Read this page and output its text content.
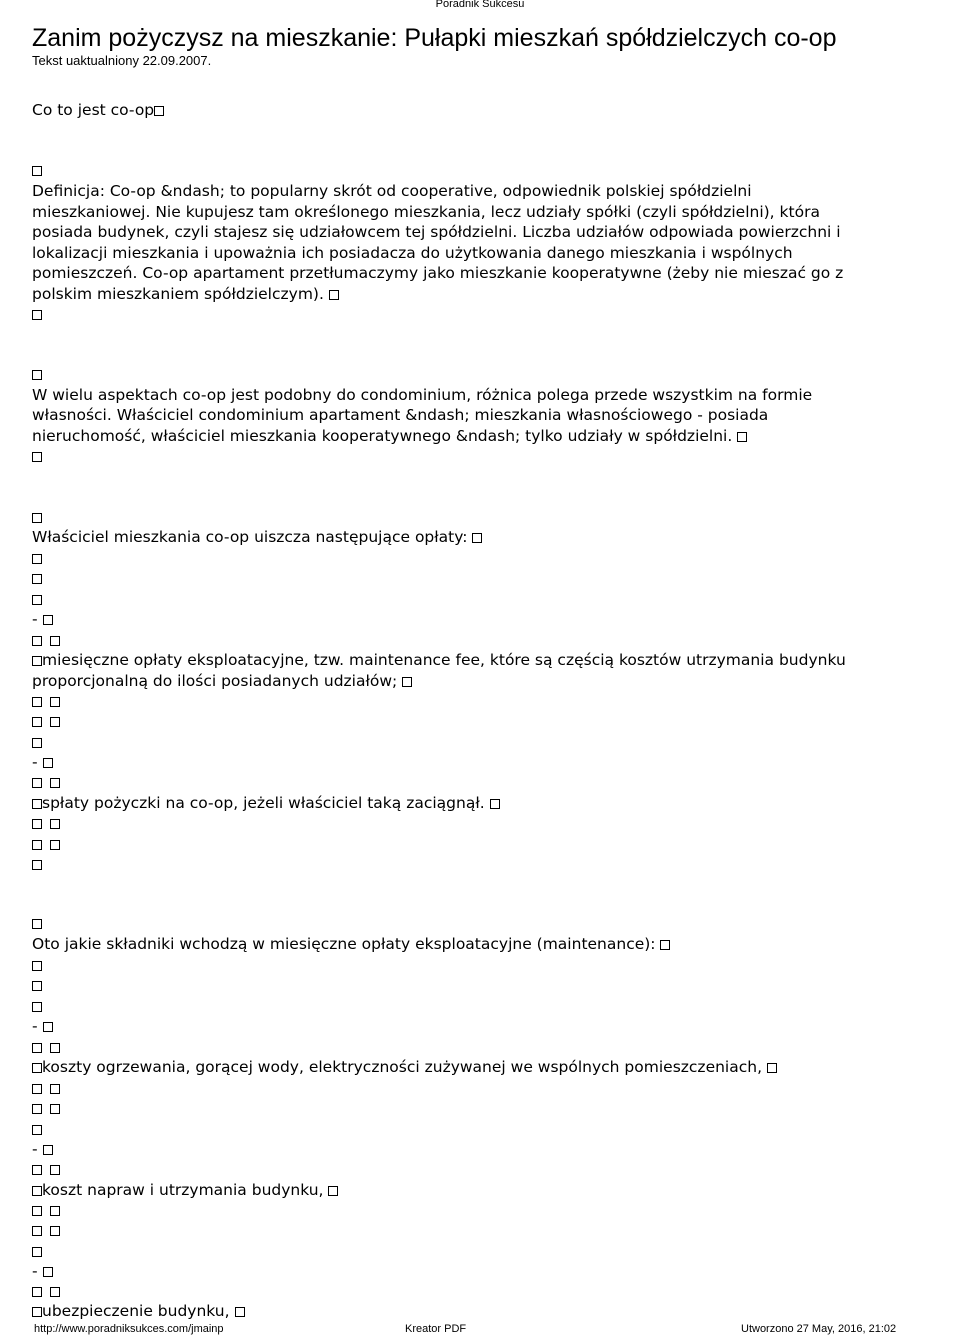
Poradnik Sukcesu
Zanim pożyczysz na mieszkanie: Pułapki mieszkań spółdzielczych co-op
Tekst uaktualniony 22.09.2007.
Co to jest co-op
Definicja: Co-op &ndash; to popularny skrót od cooperative, odpowiednik polskiej spółdzielni
mieszkaniowej. Nie kupujesz tam określonego mieszkania, lecz udziały spółki (czyli spółdzielni), która
posiada budynek, czyli stajesz się udziałowcem tej spółdzielni. Liczba udziałów odpowiada powierzchni i
lokalizacji mieszkania i upoważnia ich posiadacza do użytkowania danego mieszkania i wspólnych
pomieszczeń. Co-op apartament przetłumaczymy jako mieszkanie kooperatywne (żeby nie mieszać go z
polskim mieszkaniem spółdzielczym).
W wielu aspektach co-op jest podobny do condominium, różnica polega przede wszystkim na formie
własności. Właściciel condominium apartament &ndash; mieszkania własnościowego - posiada
nieruchomość, właściciel mieszkania kooperatywnego &ndash; tylko udziały w spółdzielni.
Właściciel mieszkania co-op uiszcza następujące opłaty:
-
miesięczne opłaty eksploatacyjne, tzw. maintenance fee, które są częścią kosztów utrzymania budynku
proporcjonalną do ilości posiadanych udziałów;
-
spłaty pożyczki na co-op, jeżeli właściciel taką zaciągnął.
Oto jakie składniki wchodzą w miesięczne opłaty eksploatacyjne (maintenance):
-
koszty ogrzewania, gorącej wody, elektryczności zużywanej we wspólnych pomieszczeniach,
-
koszt napraw i utrzymania budynku,
-
ubezpieczenie budynku,
http://www.poradniksukces.com/jmainp	Kreator PDF	Utworzono 27 May, 2016, 21:02
